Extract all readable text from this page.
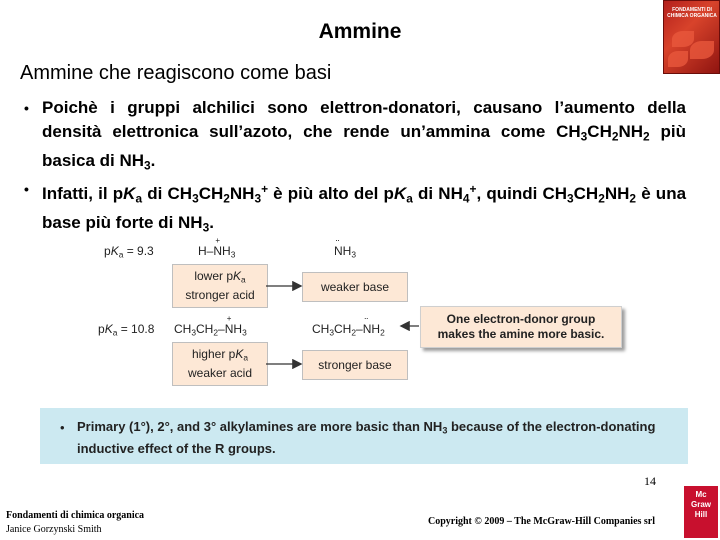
Ammine
FONDAMENTI DI CHIMICA ORGANICA
Ammine che reagiscono come basi
• Poichè i gruppi alchilici sono elettron-donatori, causano l’aumento della densità elettronica sull’azoto, che rende un’ammina come $CH_3CH_2NH_2$ più basica di $NH_3$.
• Infatti, il $pK_a$ di $CH_3CH_2NH_3^+$ è più alto del $pK_a$ di $NH_4^+$, quindi $CH_3CH_2NH_2$ è una base più forte di $NH_3$.
$pK_a = 9.3$	H–N
+
$H_3$	N
··
$H_3$
lower $pK_a$
stronger acid
weaker base
$pK_a = 10.8$ $CH_3CH_2-N$
+
$H_3$	$CH_3CH_2-N$
··
$H_2$
higher $pK_a$
weaker acid
stronger base
One electron-donor group
makes the amine more basic.
• Primary (1°), 2°, and 3° alkylamines are more basic than $NH_3$ because of the electron-donating inductive effect of the R groups.
Fondamenti di chimica organica
Janice Gorzynski Smith
14
Copyright © 2009 – The McGraw-Hill Companies srl
Mc
Graw
Hill
